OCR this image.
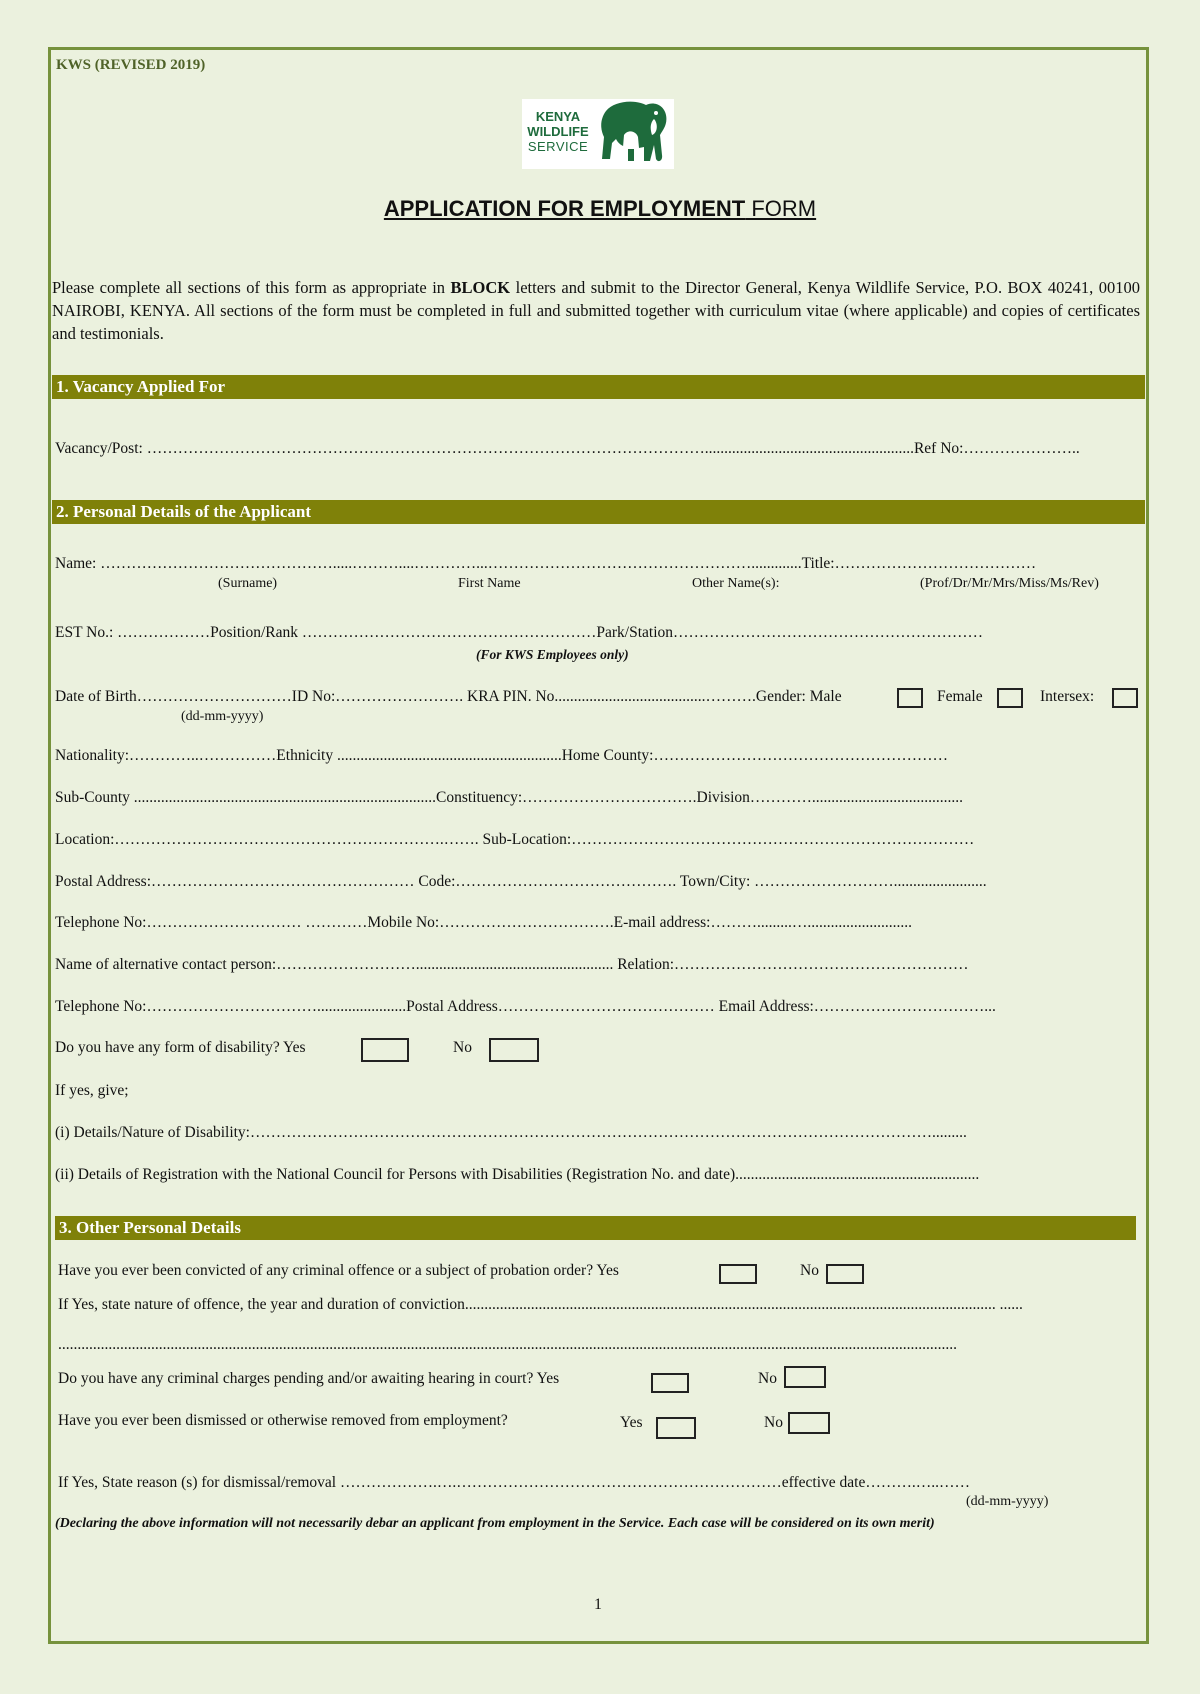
KWS (REVISED 2019)
KENYA
WILDLIFE
SERVICE
APPLICATION FOR EMPLOYMENT FORM
Please complete all sections of this form as appropriate in BLOCK letters and submit to the Director General, Kenya Wildlife Service, P.O. BOX 40241, 00100 NAIROBI, KENYA. All sections of the form must be completed in full and submitted together with curriculum vitae (where applicable) and copies of certificates and testimonials.
1. Vacancy Applied For
Vacancy/Post: ………………………………………………………………………………………………......................................................Ref No:…………………..
2. Personal Details of the Applicant
Name: ……………………………………….....………....…………...…………………………………………….............Title:…………………………………
(Surname)	First Name	Other Name(s):	(Prof/Dr/Mr/Mrs/Miss/Ms/Rev)
EST No.: ………………Position/Rank …………………………………………………Park/Station……………………………………………………
(For KWS Employees only)
Date of Birth…………………………ID No:……………………. KRA PIN. No.......................................……….Gender: Male	Female	Intersex:
(dd-mm-yyyy)
Nationality:…………..……………Ethnicity ..........................................................Home County:…………………………………………………
Sub-County ..............................................................................Constituency:…………………………….Division………….......................................
Location:……………………………………………………….……. Sub-Location:……………………………………………………………………
Postal Address:…………………………………………… Code:……………………………………. Town/City: ………………………........................
Telephone No:………………………… …………Mobile No:…………………………….E-mail address:……….........…...........................
Name of alternative contact person:………………………................................................... Relation:…………………………………………………
Telephone No:…………………………….......................Postal Address…………………………………… Email Address:……………………………...
Do you have any form of disability? Yes	No
If yes, give;
(i) Details/Nature of Disability:…………………………………………………………………………………………………………………….........
(ii) Details of Registration with the National Council for Persons with Disabilities (Registration No. and date)...............................................................
3. Other Personal Details
Have you ever been convicted of any criminal offence or a subject of probation order? Yes	No
If Yes, state nature of offence, the year and duration of conviction......................................................................................................................................... ......
........................................................................................................................................................................................................................................
Do you have any criminal charges pending and/or awaiting hearing in court? Yes	No
Have you ever been dismissed or otherwise removed from employment?	Yes	No
If Yes, State reason (s) for dismissal/removal ……………….….………………………………………………………effective date……….…..……
(dd-mm-yyyy)
(Declaring the above information will not necessarily debar an applicant from employment in the Service. Each case will be considered on its own merit)
1
